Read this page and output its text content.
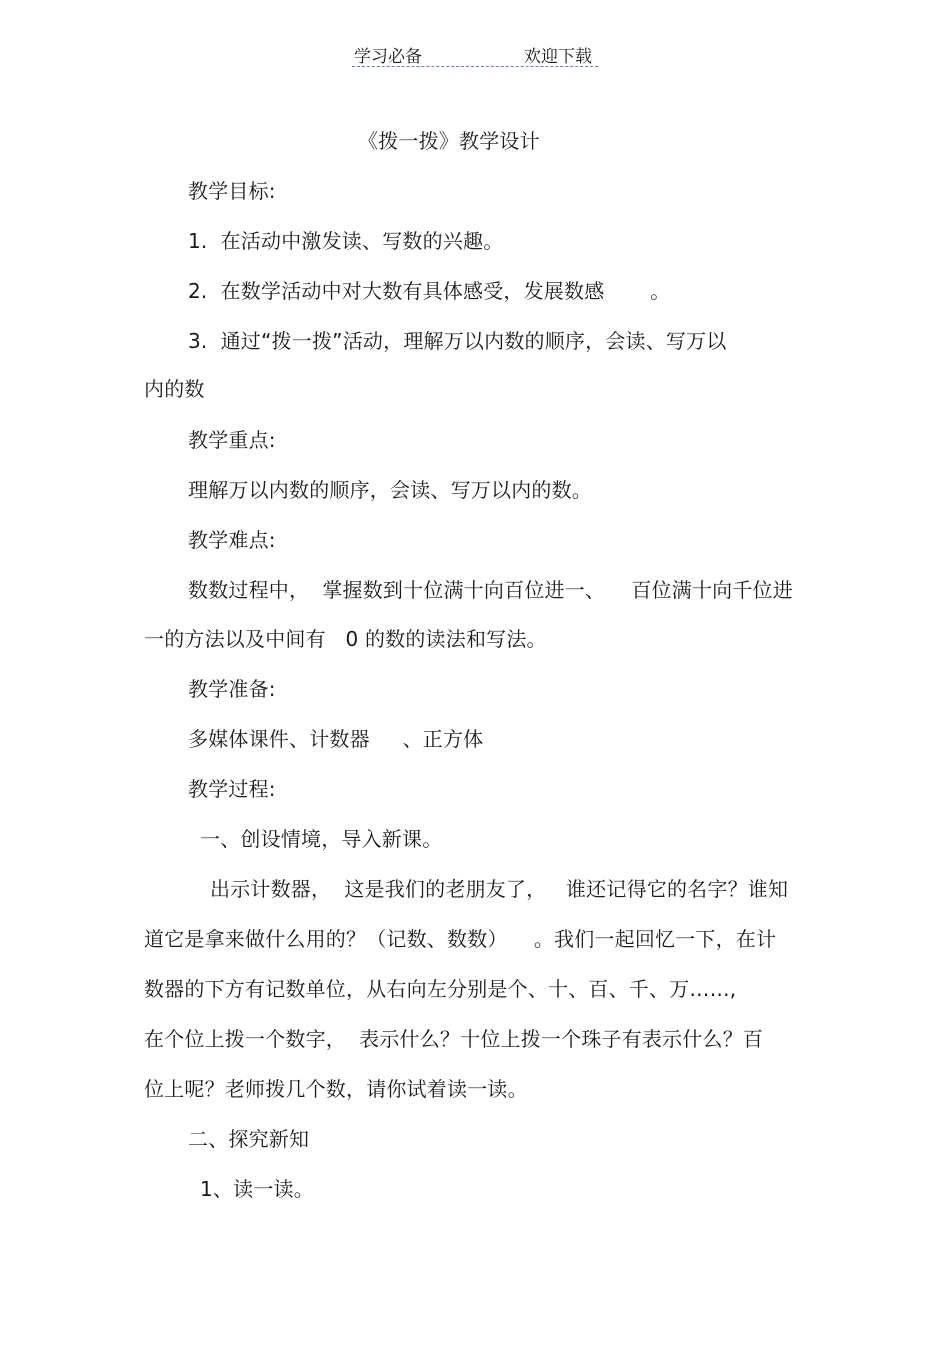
学习必备	欢迎下载
《拨一拨》教学设计
教学目标:
1.  在活动中激发读、写数的兴趣。
2.  在数学活动中对大数有具体感受，发展数感       。
3.  通过“拨一拨”活动，理解万以内数的顺序，会读、写万以
内的数
教学重点:
理解万以内数的顺序，会读、写万以内的数。
教学难点:
数数过程中，  掌握数到十位满十向百位进一、    百位满十向千位进
一的方法以及中间有   0 的数的读法和写法。
教学准备:
多媒体课件、计数器     、正方体
教学过程:
一、创设情境，导入新课。
出示计数器，  这是我们的老朋友了，   谁还记得它的名字？谁知
道它是拿来做什么用的？（记数、数数）    。我们一起回忆一下，在计
数器的下方有记数单位，从右向左分别是个、十、百、千、万……,
在个位上拨一个数字，  表示什么？十位上拨一个珠子有表示什么？百
位上呢？老师拨几个数，请你试着读一读。
二、探究新知
1、读一读。
